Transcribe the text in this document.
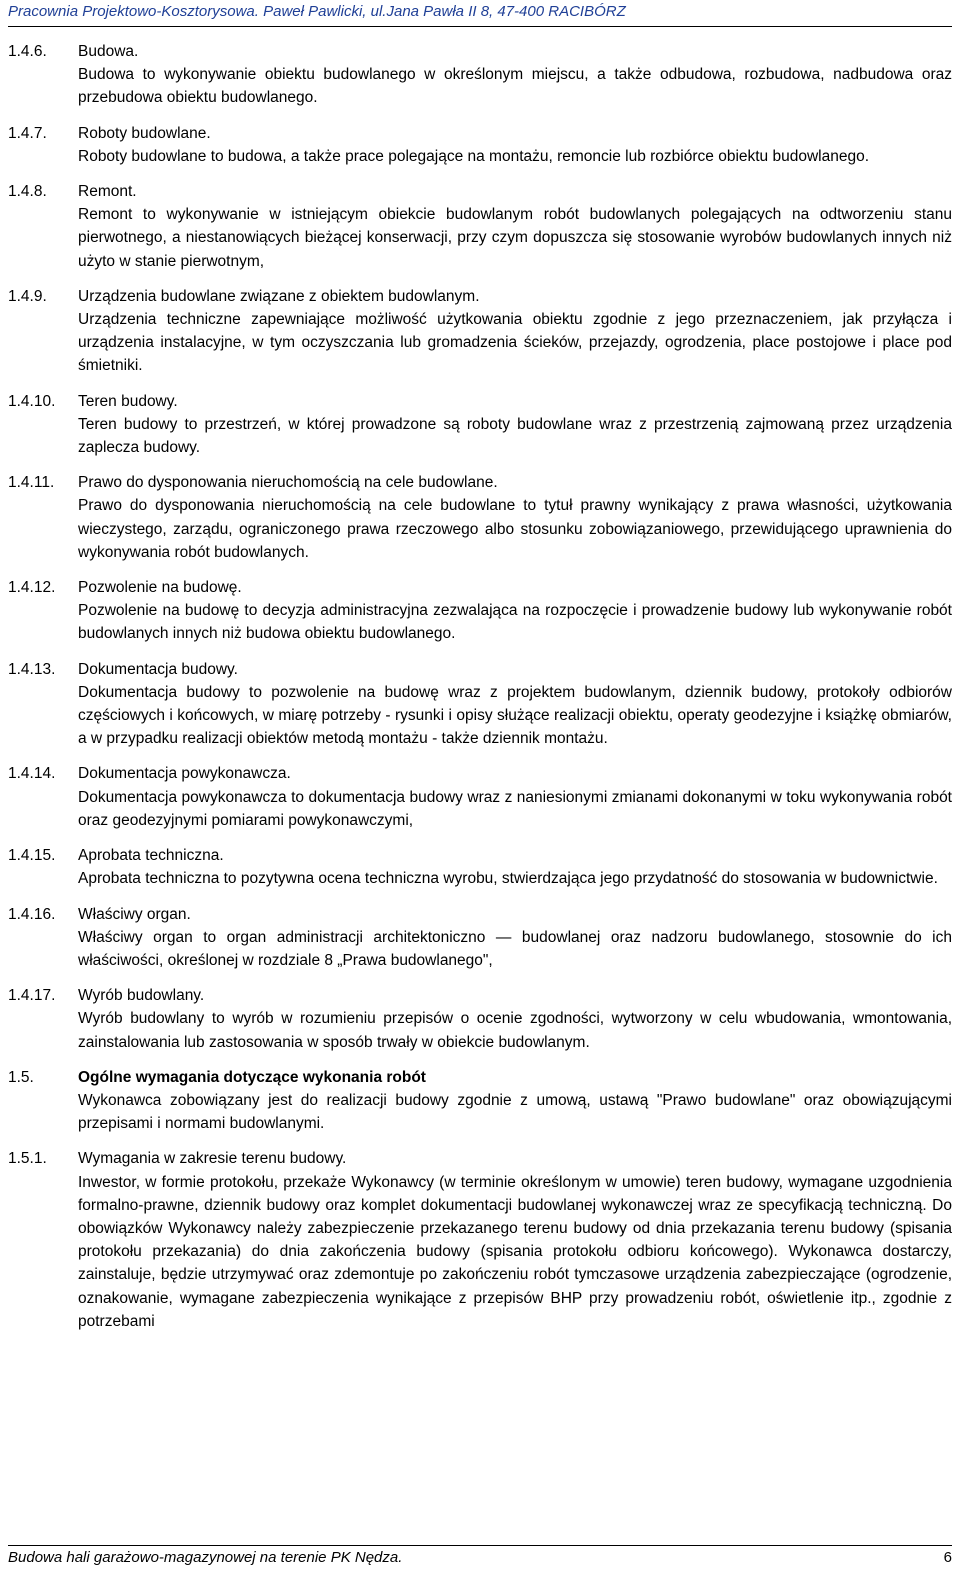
Pracownia Projektowo-Kosztorysowa. Paweł Pawlicki, ul.Jana Pawła II 8, 47-400 RACIBÓRZ
1.4.6.	Budowa.
Budowa to wykonywanie obiektu budowlanego w określonym miejscu, a także odbudowa, rozbudowa, nadbudowa oraz przebudowa obiektu budowlanego.
1.4.7.	Roboty budowlane.
Roboty budowlane to budowa, a także prace polegające na montażu, remoncie lub rozbiórce obiektu budowlanego.
1.4.8.	Remont.
Remont to wykonywanie w istniejącym obiekcie budowlanym robót budowlanych polegających na odtworzeniu stanu pierwotnego, a niestanowiących bieżącej konserwacji, przy czym dopuszcza się stosowanie wyrobów budowlanych innych niż użyto w stanie pierwotnym,
1.4.9.	Urządzenia budowlane związane z obiektem budowlanym.
Urządzenia techniczne zapewniające możliwość użytkowania obiektu zgodnie z jego przeznaczeniem, jak przyłącza i urządzenia instalacyjne, w tym oczyszczania lub gromadzenia ścieków, przejazdy, ogrodzenia, place postojowe i place pod śmietniki.
1.4.10.	Teren budowy.
Teren budowy to przestrzeń, w której prowadzone są roboty budowlane wraz z przestrzenią zajmowaną przez urządzenia zaplecza budowy.
1.4.11.	Prawo do dysponowania nieruchomością na cele budowlane.
Prawo do dysponowania nieruchomością na cele budowlane to tytuł prawny wynikający z prawa własności, użytkowania wieczystego, zarządu, ograniczonego prawa rzeczowego albo stosunku zobowiązaniowego, przewidującego uprawnienia do wykonywania robót budowlanych.
1.4.12.	Pozwolenie na budowę.
Pozwolenie na budowę to decyzja administracyjna zezwalająca na rozpoczęcie i prowadzenie budowy lub wykonywanie robót budowlanych innych niż budowa obiektu budowlanego.
1.4.13.	Dokumentacja budowy.
Dokumentacja budowy to pozwolenie na budowę wraz z projektem budowlanym, dziennik budowy, protokoły odbiorów częściowych i końcowych, w miarę potrzeby - rysunki i opisy służące realizacji obiektu, operaty geodezyjne i książkę obmiarów, a w przypadku realizacji obiektów metodą montażu - także dziennik montażu.
1.4.14.	Dokumentacja powykonawcza.
Dokumentacja powykonawcza to dokumentacja budowy wraz z naniesionymi zmianami dokonanymi w toku wykonywania robót oraz geodezyjnymi pomiarami powykonawczymi,
1.4.15.	Aprobata techniczna.
Aprobata techniczna to pozytywna ocena techniczna wyrobu, stwierdzająca jego przydatność do stosowania w budownictwie.
1.4.16.	Właściwy organ.
Właściwy organ to organ administracji architektoniczno — budowlanej oraz nadzoru budowlanego, stosownie do ich właściwości, określonej w rozdziale 8 „Prawa budowlanego",
1.4.17.	Wyrób budowlany.
Wyrób budowlany to wyrób w rozumieniu przepisów o ocenie zgodności, wytworzony w celu wbudowania, wmontowania, zainstalowania lub zastosowania w sposób trwały w obiekcie budowlanym.
1.5.	Ogólne wymagania dotyczące wykonania robót
Wykonawca zobowiązany jest do realizacji budowy zgodnie z umową, ustawą "Prawo budowlane" oraz obowiązującymi przepisami i normami budowlanymi.
1.5.1.	Wymagania w zakresie terenu budowy.
Inwestor, w formie protokołu, przekaże Wykonawcy (w terminie określonym w umowie) teren budowy, wymagane uzgodnienia formalno-prawne, dziennik budowy oraz komplet dokumentacji budowlanej wykonawczej wraz ze specyfikacją techniczną. Do obowiązków Wykonawcy należy zabezpieczenie przekazanego terenu budowy od dnia przekazania terenu budowy (spisania protokołu przekazania) do dnia zakończenia budowy (spisania protokołu odbioru końcowego). Wykonawca dostarczy, zainstaluje, będzie utrzymywać oraz zdemontuje po zakończeniu robót tymczasowe urządzenia zabezpieczające (ogrodzenie, oznakowanie, wymagane zabezpieczenia wynikające z przepisów BHP przy prowadzeniu robót, oświetlenie itp., zgodnie z potrzebami
Budowa hali garażowo-magazynowej na terenie PK Nędza.	6
